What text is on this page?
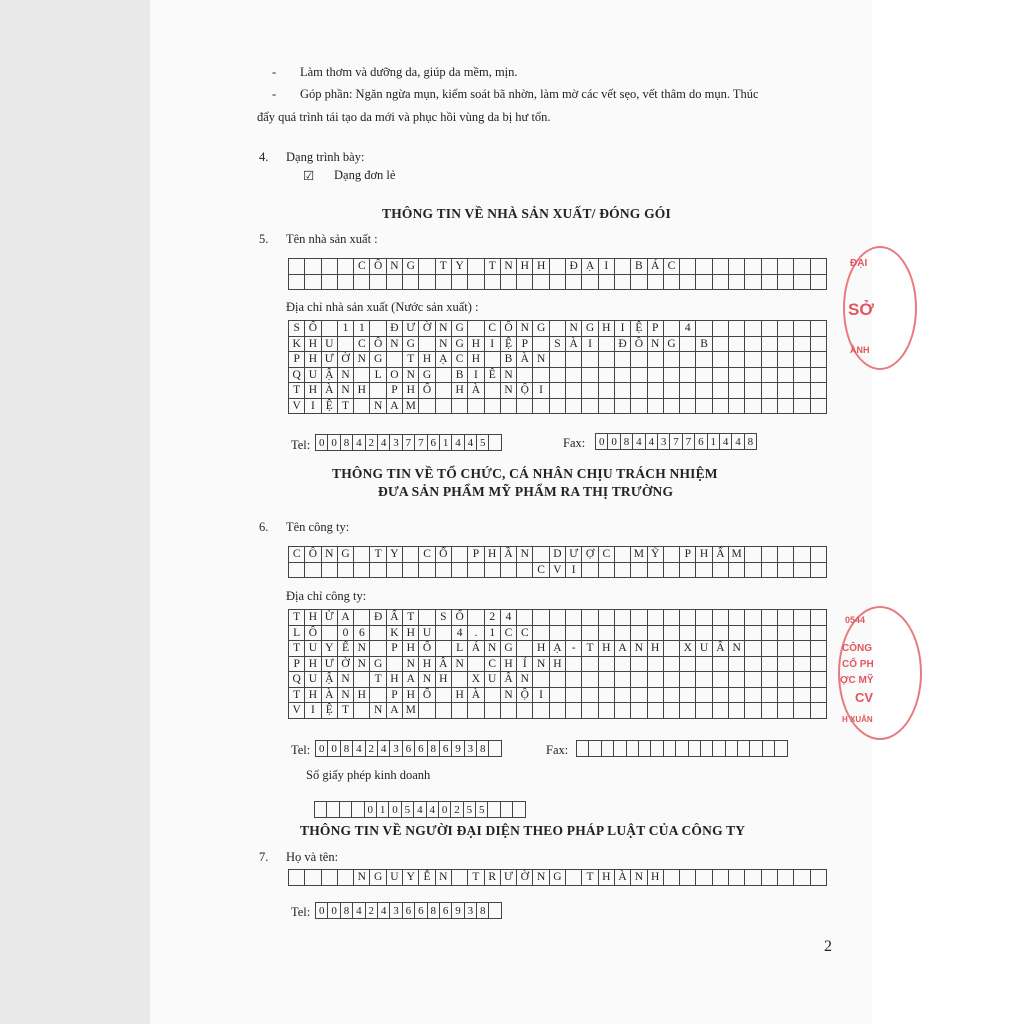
- Làm thơm và dưỡng da, giúp da mềm, mịn.
- Góp phần: Ngăn ngừa mụn, kiểm soát bã nhờn, làm mờ các vết sẹo, vết thâm do mụn. Thúc
đẩy quá trình tái tạo da mới và phục hồi vùng da bị hư tổn.
4. Dạng trình bày:
☑ Dạng đơn lẻ
THÔNG TIN VỀ NHÀ SẢN XUẤT/ ĐÓNG GÓI
5. Tên nhà sản xuất :
				C	Ô	N	G		T	Y		T	N	H	H		Đ	Ạ	I		B	Á	C									

Địa chỉ nhà sản xuất (Nước sản xuất) :
S	Ố		1	1		Đ	Ư	Ờ	N	G		C	Ô	N	G		N	G	H	I	Ệ	P		4								
K	H	U		C	Ô	N	G		N	G	H	I	Ệ	P		S	À	I		Đ	Ồ	N	G		B							
P	H	Ư	Ờ	N	G		T	H	Ạ	C	H		B	À	N																	
Q	U	Ậ	N		L	O	N	G		B	I	Ê	N																			
T	H	À	N	H		P	H	Ố		H	À		N	Ộ	I																	
V	I	Ệ	T		N	A	M																									
Tel: 0	0	8	4	2	4	3	7	7	6	1	4	4	5		Fax: 0	0	8	4	4	3	7	7	6	1	4	4	8
THÔNG TIN VỀ TỔ CHỨC, CÁ NHÂN CHỊU TRÁCH NHIỆM
ĐƯA SẢN PHẨM MỸ PHẨM RA THỊ TRƯỜNG
6. Tên công ty:
C	Ô	N	G		T	Y		C	Ổ		P	H	Ầ	N		D	Ư	Ợ	C		M	Ỹ		P	H	Ẩ	M					
															C	V	I															
Địa chỉ công ty:
T	H	Ử	A		Đ	Ấ	T		S	Ố		2	4																			
L	Ô		0	6		K	H	U		4	.	1	C	C																		
T	U	Y	Ế	N		P	H	Ố		L	Á	N	G		H	Ạ	-	T	H	A	N	H		X	U	Â	N					
P	H	Ư	Ờ	N	G		N	H	Â	N		C	H	Í	N	H																
Q	U	Ậ	N		T	H	A	N	H		X	U	Â	N																		
T	H	À	N	H		P	H	Ố		H	À		N	Ộ	I																	
V	I	Ệ	T		N	A	M																									
Tel: 0	0	8	4	2	4	3	6	6	8	6	9	3	8		Fax:

Số giấy phép kinh doanh
				0	1	0	5	4	4	0	2	5	5			
THÔNG TIN VỀ NGƯỜI ĐẠI DIỆN THEO PHÁP LUẬT CỦA CÔNG TY
7. Họ và tên:
				N	G	U	Y	Ễ	N		T	R	Ư	Ờ	N	G		T	H	À	N	H										
Tel: 0	0	8	4	2	4	3	6	6	8	6	9	3	8	
2
ĐẠI
SỞ
ÀNH
0544
CÔNG
CỔ PH
ỢC MỸ
CV
H XUÂN
